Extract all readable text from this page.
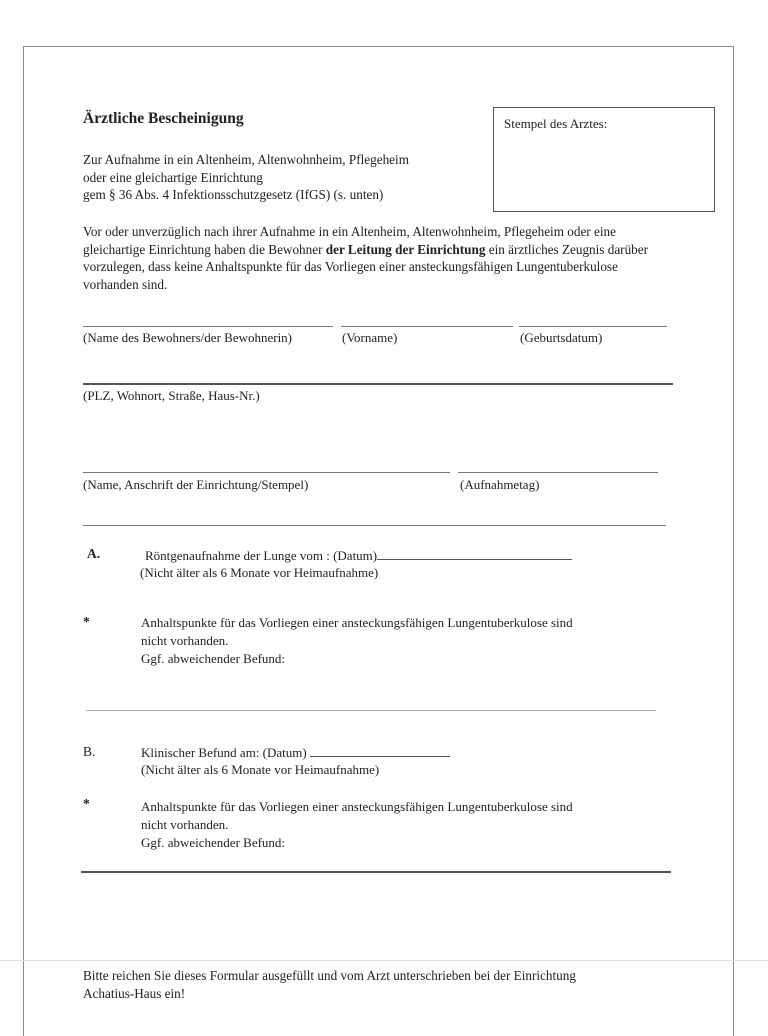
Ärztliche Bescheinigung	Stempel des Arztes:
Zur Aufnahme in ein Altenheim, Altenwohnheim, Pflegeheim
oder eine gleichartige Einrichtung
gem § 36 Abs. 4 Infektionsschutzgesetz (IfGS) (s. unten)
Vor oder unverzüglich nach ihrer Aufnahme in ein Altenheim, Altenwohnheim, Pflegeheim oder eine gleichartige Einrichtung haben die Bewohner der Leitung der Einrichtung ein ärztliches Zeugnis darüber vorzulegen, dass keine Anhaltspunkte für das Vorliegen einer ansteckungsfähigen Lungentuberkulose vorhanden sind.
(Name des Bewohners/der Bewohnerin)	(Vorname)	(Geburtsdatum)
(PLZ, Wohnort, Straße, Haus-Nr.)
(Name, Anschrift der Einrichtung/Stempel)	(Aufnahmetag)
A.	Röntgenaufnahme der Lunge vom : (Datum)
(Nicht älter als 6 Monate vor Heimaufnahme)
*	Anhaltspunkte für das Vorliegen einer ansteckungsfähigen Lungentuberkulose sind
nicht vorhanden.
Ggf. abweichender Befund:
B.	Klinischer Befund am: (Datum)
(Nicht älter als 6 Monate vor Heimaufnahme)
*	Anhaltspunkte für das Vorliegen einer ansteckungsfähigen Lungentuberkulose sind
nicht vorhanden.
Ggf. abweichender Befund:
Bitte reichen Sie dieses Formular ausgefüllt und vom Arzt unterschrieben bei der Einrichtung
Achatius-Haus ein!
